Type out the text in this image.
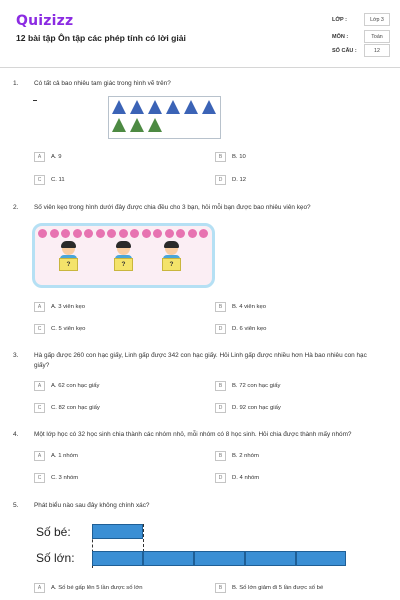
Quizizz
12 bài tập Ôn tập các phép tính có lời giải
LỚP :	Lớp 3
MÔN :	Toán
SỐ CÂU :	12
1. Có tất cả bao nhiêu tam giác trong hình vẽ trên?
A	A. 9	B	B. 10
C	C. 11	D	D. 12
2. Số viên kẹo trong hình dưới đây được chia đều cho 3 bạn, hỏi mỗi bạn được bao nhiêu viên kẹo?
?	?	?
A	A. 3 viên kẹo	B	B. 4 viên kẹo
C	C. 5 viên kẹo	D	D. 6 viên kẹo
3. Hà gấp được 260 con hạc giấy, Linh gấp được 342 con hạc giấy. Hỏi Linh gấp được nhiều hơn Hà bao nhiêu con hạc giấy?
A	A. 62 con hạc giấy	B	B. 72 con hạc giấy
C	C. 82 con hạc giấy	D	D. 92 con hạc giấy
4. Một lớp học có 32 học sinh chia thành các nhóm nhỏ, mỗi nhóm có 8 học sinh. Hỏi chia được thành mấy nhóm?
A	A. 1 nhóm	B	B. 2 nhóm
C	C. 3 nhóm	D	D. 4 nhóm
5. Phát biểu nào sau đây không chính xác?
Số bé:
Số lớn:
A	A. Số bé gấp lên 5 lần được số lớn	B	B. Số lớn giảm đi 5 lần được số bé
